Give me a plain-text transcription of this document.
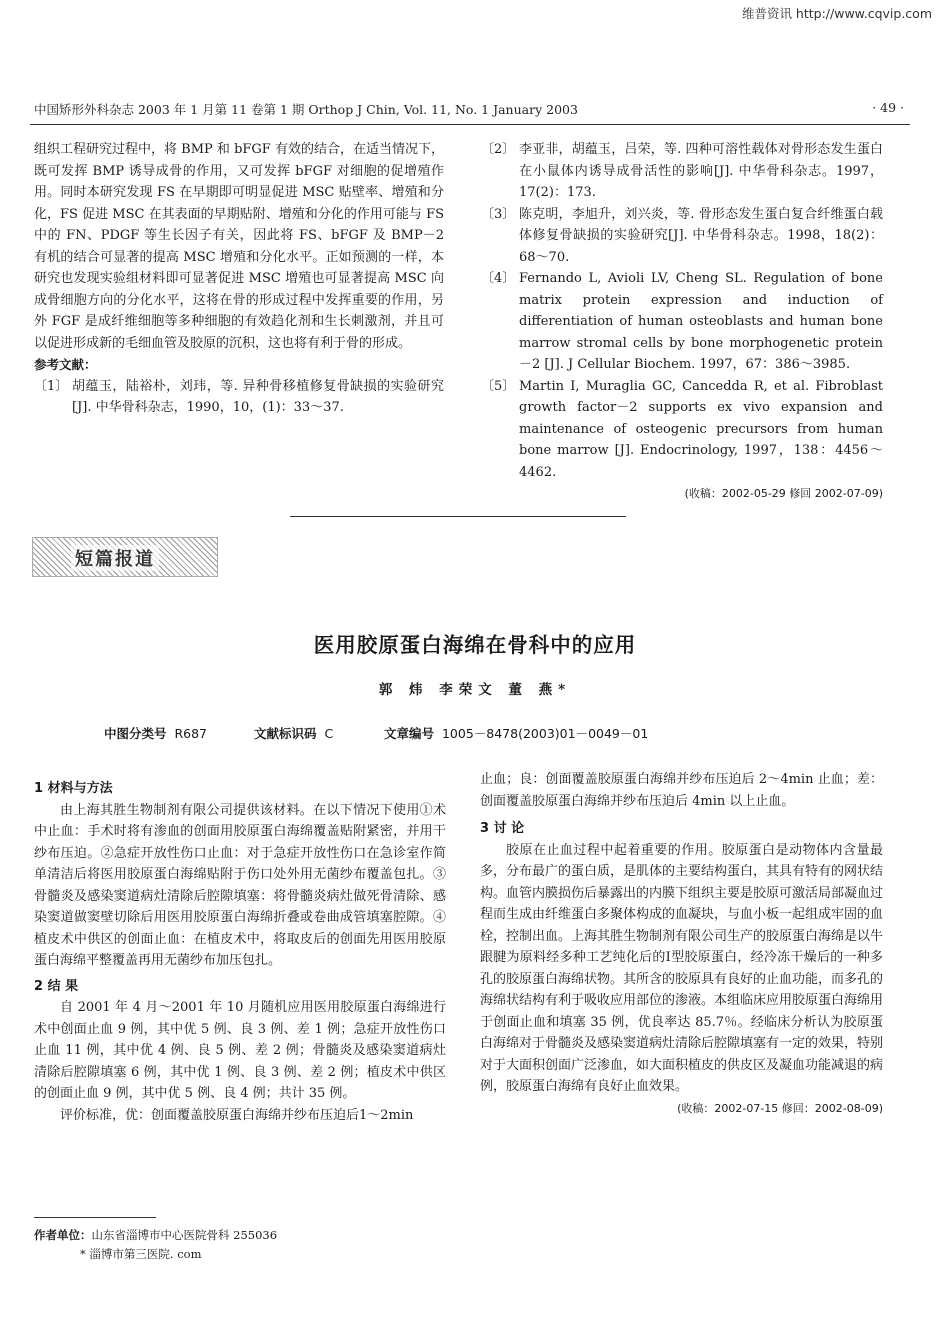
维普资讯 http://www.cqvip.com
中国矫形外科杂志 2003 年 1 月第 11 卷第 1 期 Orthop J Chin, Vol. 11, No. 1 January 2003	· 49 ·

组织工程研究过程中，将 BMP 和 bFGF 有效的结合，在适当情况下，既可发挥 BMP 诱导成骨的作用，又可发挥 bFGF 对细胞的促增殖作用。同时本研究发现 FS 在早期即可明显促进 MSC 贴壁率、增殖和分化，FS 促进 MSC 在其表面的早期贴附、增殖和分化的作用可能与 FS 中的 FN、PDGF 等生长因子有关，因此将 FS、bFGF 及 BMP－2 有机的结合可显著的提高 MSC 增殖和分化水平。正如预测的一样，本研究也发现实验组材料即可显著促进 MSC 增殖也可显著提高 MSC 向成骨细胞方向的分化水平，这将在骨的形成过程中发挥重要的作用，另外 FGF 是成纤维细胞等多种细胞的有效趋化剂和生长刺激剂，并且可以促进形成新的毛细血管及胶原的沉积，这也将有利于骨的形成。

参考文献：
〔1〕 胡蕴玉，陆裕朴，刘玮，等. 异种骨移植修复骨缺损的实验研究[J]. 中华骨科杂志，1990，10，(1)：33～37.
〔2〕 李亚非，胡蕴玉，吕荣，等. 四种可溶性载体对骨形态发生蛋白在小鼠体内诱导成骨活性的影响[J]. 中华骨科杂志。1997，17(2)：173.
〔3〕 陈克明，李旭升，刘兴炎，等. 骨形态发生蛋白复合纤维蛋白载体修复骨缺损的实验研究[J]. 中华骨科杂志。1998，18(2)：68～70.
〔4〕 Fernando L, Avioli LV, Cheng SL. Regulation of bone matrix protein expression and induction of differentiation of human osteoblasts and human bone marrow stromal cells by bone morphogenetic protein－2 [J]. J Cellular Biochem. 1997，67：386～3985.
〔5〕 Martin I, Muraglia GC, Cancedda R, et al. Fibroblast growth factor－2 supports ex vivo expansion and maintenance of osteogenic precursors from human bone marrow [J]. Endocrinology, 1997，138：4456～4462.
(收稿：2002-05-29 修回 2002-07-09)
短篇报道
医用胶原蛋白海绵在骨科中的应用
郭 炜 李荣文 董 燕*
中图分类号 R687	文献标识码 C	文章编号 1005－8478(2003)01－0049－01
1 材料与方法

由上海其胜生物制剂有限公司提供该材料。在以下情况下使用①术中止血：手术时将有渗血的创面用胶原蛋白海绵覆盖贴附紧密，并用干纱布压迫。②急症开放性伤口止血：对于急症开放性伤口在急诊室作简单清洁后将医用胶原蛋白海绵贴附于伤口处外用无菌纱布覆盖包扎。③骨髓炎及感染窦道病灶清除后腔隙填塞：将骨髓炎病灶做死骨清除、感染窦道做窦壁切除后用医用胶原蛋白海绵折叠或卷曲成管填塞腔隙。④植皮术中供区的创面止血：在植皮术中，将取皮后的创面先用医用胶原蛋白海绵平整覆盖再用无菌纱布加压包扎。

2 结 果

自 2001 年 4 月～2001 年 10 月随机应用医用胶原蛋白海绵进行术中创面止血 9 例，其中优 5 例、良 3 例、差 1 例；急症开放性伤口止血 11 例，其中优 4 例、良 5 例、差 2 例；骨髓炎及感染窦道病灶清除后腔隙填塞 6 例，其中优 1 例、良 3 例、差 2 例；植皮术中供区的创面止血 9 例，其中优 5 例、良 4 例；共计 35 例。

评价标准，优：创面覆盖胶原蛋白海绵并纱布压迫后1～2min

止血；良：创面覆盖胶原蛋白海绵并纱布压迫后 2～4min 止血；差：创面覆盖胶原蛋白海绵并纱布压迫后 4min 以上止血。

3 讨 论

胶原在止血过程中起着重要的作用。胶原蛋白是动物体内含量最多，分布最广的蛋白质，是肌体的主要结构蛋白，其具有特有的网状结构。血管内膜损伤后暴露出的内膜下组织主要是胶原可激活局部凝血过程而生成由纤维蛋白多聚体构成的血凝块，与血小板一起组成牢固的血栓，控制出血。上海其胜生物制剂有限公司生产的胶原蛋白海绵是以牛跟腱为原料经多种工艺纯化后的Ⅰ型胶原蛋白，经冷冻干燥后的一种多孔的胶原蛋白海绵状物。其所含的胶原具有良好的止血功能，而多孔的海绵状结构有利于吸收应用部位的渗液。本组临床应用胶原蛋白海绵用于创面止血和填塞 35 例，优良率达 85.7％。经临床分析认为胶原蛋白海绵对于骨髓炎及感染窦道病灶清除后腔隙填塞有一定的效果，特别对于大面积创面广泛渗血，如大面积植皮的供皮区及凝血功能减退的病例，胶原蛋白海绵有良好止血效果。

(收稿：2002-07-15 修回：2002-08-09)
作者单位：山东省淄博市中心医院骨科 255036
* 淄博市第三医院. com
